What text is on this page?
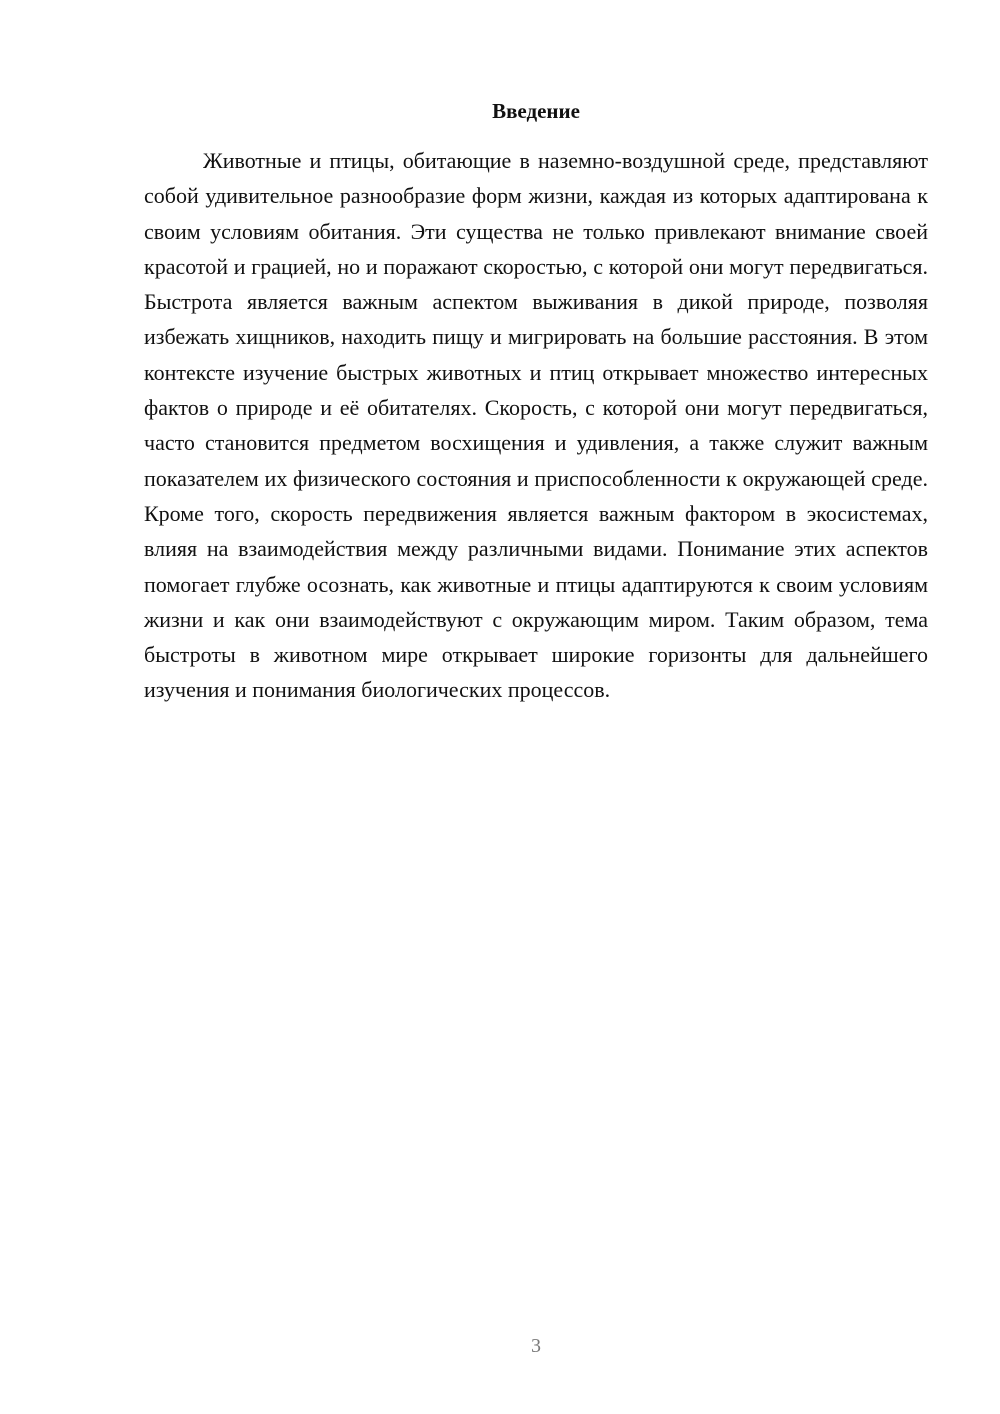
Введение

Животные и птицы, обитающие в наземно-воздушной среде, представляют собой удивительное разнообразие форм жизни, каждая из которых адаптирована к своим условиям обитания. Эти существа не только привлекают внимание своей красотой и грацией, но и поражают скоростью, с которой они могут передвигаться. Быстрота является важным аспектом выживания в дикой природе, позволяя избежать хищников, находить пищу и мигрировать на большие расстояния. В этом контексте изучение быстрых животных и птиц открывает множество интересных фактов о природе и её обитателях. Скорость, с которой они могут передвигаться, часто становится предметом восхищения и удивления, а также служит важным показателем их физического состояния и приспособленности к окружающей среде. Кроме того, скорость передвижения является важным фактором в экосистемах, влияя на взаимодействия между различными видами. Понимание этих аспектов помогает глубже осознать, как животные и птицы адаптируются к своим условиям жизни и как они взаимодействуют с окружающим миром. Таким образом, тема быстроты в животном мире открывает широкие горизонты для дальнейшего изучения и понимания биологических процессов.

3
